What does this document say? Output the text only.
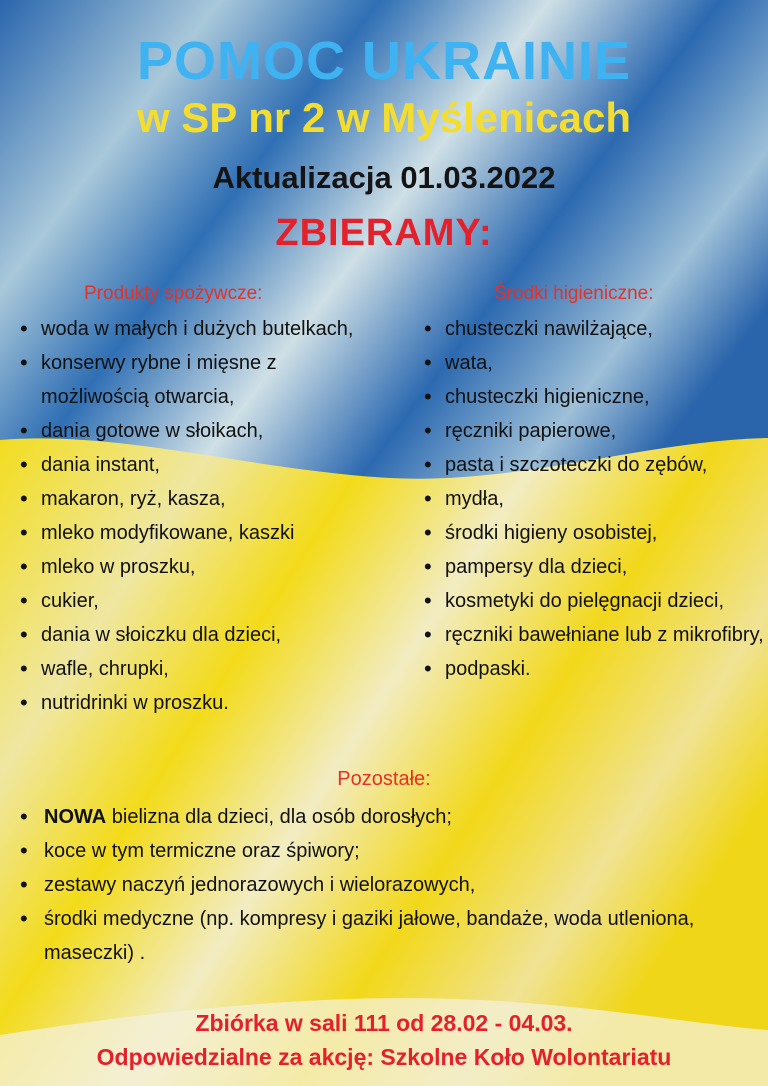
POMOC UKRAINIE
w SP nr 2 w Myślenicach
Aktualizacja 01.03.2022
ZBIERAMY:
Produkty spożywcze:
• woda w małych i dużych butelkach,
• konserwy rybne i mięsne z możliwością otwarcia,
• dania gotowe w słoikach,
• dania instant,
• makaron, ryż, kasza,
• mleko modyfikowane, kaszki
• mleko w proszku,
• cukier,
• dania w słoiczku dla dzieci,
• wafle, chrupki,
• nutridrinki w proszku.
Środki higieniczne:
• chusteczki nawilżające,
• wata,
• chusteczki higieniczne,
• ręczniki papierowe,
• pasta i szczoteczki do zębów,
• mydła,
• środki higieny osobistej,
• pampersy dla dzieci,
• kosmetyki do pielęgnacji dzieci,
• ręczniki bawełniane lub z mikrofibry,
• podpaski.
Pozostałe:
• NOWA bielizna dla dzieci, dla osób dorosłych;
• koce w tym termiczne oraz śpiwory;
• zestawy naczyń jednorazowych i wielorazowych,
• środki medyczne (np. kompresy i gaziki jałowe, bandaże, woda utleniona, maseczki) .
Zbiórka w sali 111 od 28.02 - 04.03.
Odpowiedzialne za akcję: Szkolne Koło Wolontariatu
